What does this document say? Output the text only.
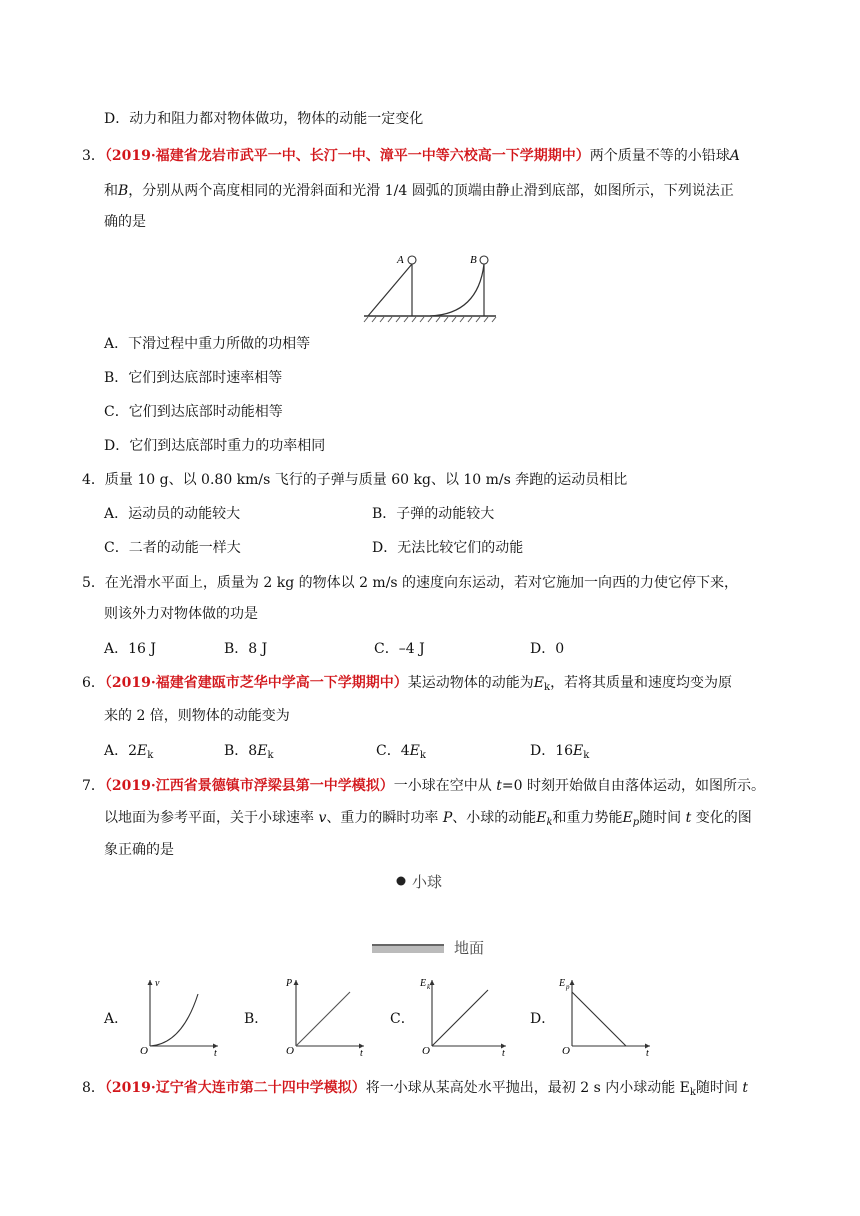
D．动力和阻力都对物体做功，物体的动能一定变化
3．（2019·福建省龙岩市武平一中、长汀一中、漳平一中等六校高一下学期期中）两个质量不等的小铅球A
和B，分别从两个高度相同的光滑斜面和光滑 1/4 圆弧的顶端由静止滑到底部，如图所示，下列说法正
确的是
A	B
A．下滑过程中重力所做的功相等
B．它们到达底部时速率相等
C．它们到达底部时动能相等
D．它们到达底部时重力的功率相同
4．质量 10 g、以 0.80 km/s 飞行的子弹与质量 60 kg、以 10 m/s 奔跑的运动员相比
A．运动员的动能较大	B．子弹的动能较大
C．二者的动能一样大	D．无法比较它们的动能
5．在光滑水平面上，质量为 2 kg 的物体以 2 m/s 的速度向东运动，若对它施加一向西的力使它停下来，
则该外力对物体做的功是
A．16 J	B．8 J	C．–4 J	D．0
6．（2019·福建省建瓯市芝华中学高一下学期期中）某运动物体的动能为$E_k$，若将其质量和速度均变为原
来的 2 倍，则物体的动能变为
A．$2E_k$	B．$8E_k$	C．$4E_k$	D．$16E_k$
7．（2019·江西省景德镇市浮梁县第一中学模拟）一小球在空中从 t=0 时刻开始做自由落体运动，如图所示。
以地面为参考平面，关于小球速率 v、重力的瞬时功率 P、小球的动能$E_k$和重力势能$E_p$随时间 t 变化的图
象正确的是
小球
地面
A．
v
t
O
B．
P
t
O
C．
E k
t
O
D．
E p
t
O
8．（2019·辽宁省大连市第二十四中学模拟）将一小球从某高处水平抛出，最初 2 s 内小球动能 $E_k$随时间 t
